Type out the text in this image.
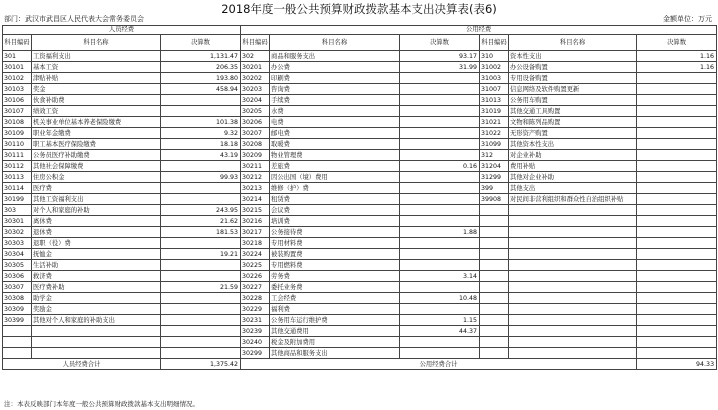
2018年度一般公共预算财政拨款基本支出决算表(表6)
部门：武汉市武昌区人民代表大会常务委员会	金额单位：万元
人员经费			公用经费					
科目编码	科目名称	决算数	科目编码	科目名称	决算数	科目编码	科目名称	决算数
301	工资福利支出	1,131.47	302	商品和服务支出	93.17	310	资本性支出	1.16
30101	基本工资	206.35	30201	办公费	31.99	31002	办公设备购置	1.16
30102	津贴补贴	193.80	30202	印刷费		31003	专用设备购置	
30103	奖金	458.94	30203	咨询费		31007	信息网络及软件购置更新	
30106	伙食补助费		30204	手续费		31013	公务用车购置	
30107	绩效工资		30205	水费		31019	其他交通工具购置	
30108	机关事业单位基本养老保险缴费	101.38	30206	电费		31021	文物和陈列品购置	
30109	职业年金缴费	9.32	30207	邮电费		31022	无形资产购置	
30110	职工基本医疗保险缴费	18.18	30208	取暖费		31099	其他资本性支出	
30111	公务员医疗补助缴费	43.19	30209	物业管理费		312	对企业补助	
30112	其他社会保障缴费		30211	差旅费	0.16	31204	费用补贴	
30113	住房公积金	99.93	30212	因公出国（境）费用		31299	其他对企业补助	
30114	医疗费		30213	维修（护）费		399	其他支出	
30199	其他工资福利支出		30214	租赁费		39908	对民间非营利组织和群众性自治组织补贴	
303	对个人和家庭的补助	243.95	30215	会议费				
30301	离休费	21.62	30216	培训费				
30302	退休费	181.53	30217	公务接待费	1.88			
30303	退职（役）费		30218	专用材料费				
30304	抚恤金	19.21	30224	被装购置费				
30305	生活补助		30225	专用燃料费				
30306	救济费		30226	劳务费	3.14			
30307	医疗费补助	21.59	30227	委托业务费				
30308	助学金		30228	工会经费	10.48			
30309	奖励金		30229	福利费				
30399	其他对个人和家庭的补助支出		30231	公务用车运行维护费	1.15			
			30239	其他交通费用	44.37			
			30240	税金及附加费用				
			30299	其他商品和服务支出				
人员经费合计		1,375.42	公用经费合计					94.33
注：本表反映部门本年度一般公共预算财政拨款基本支出明细情况。
